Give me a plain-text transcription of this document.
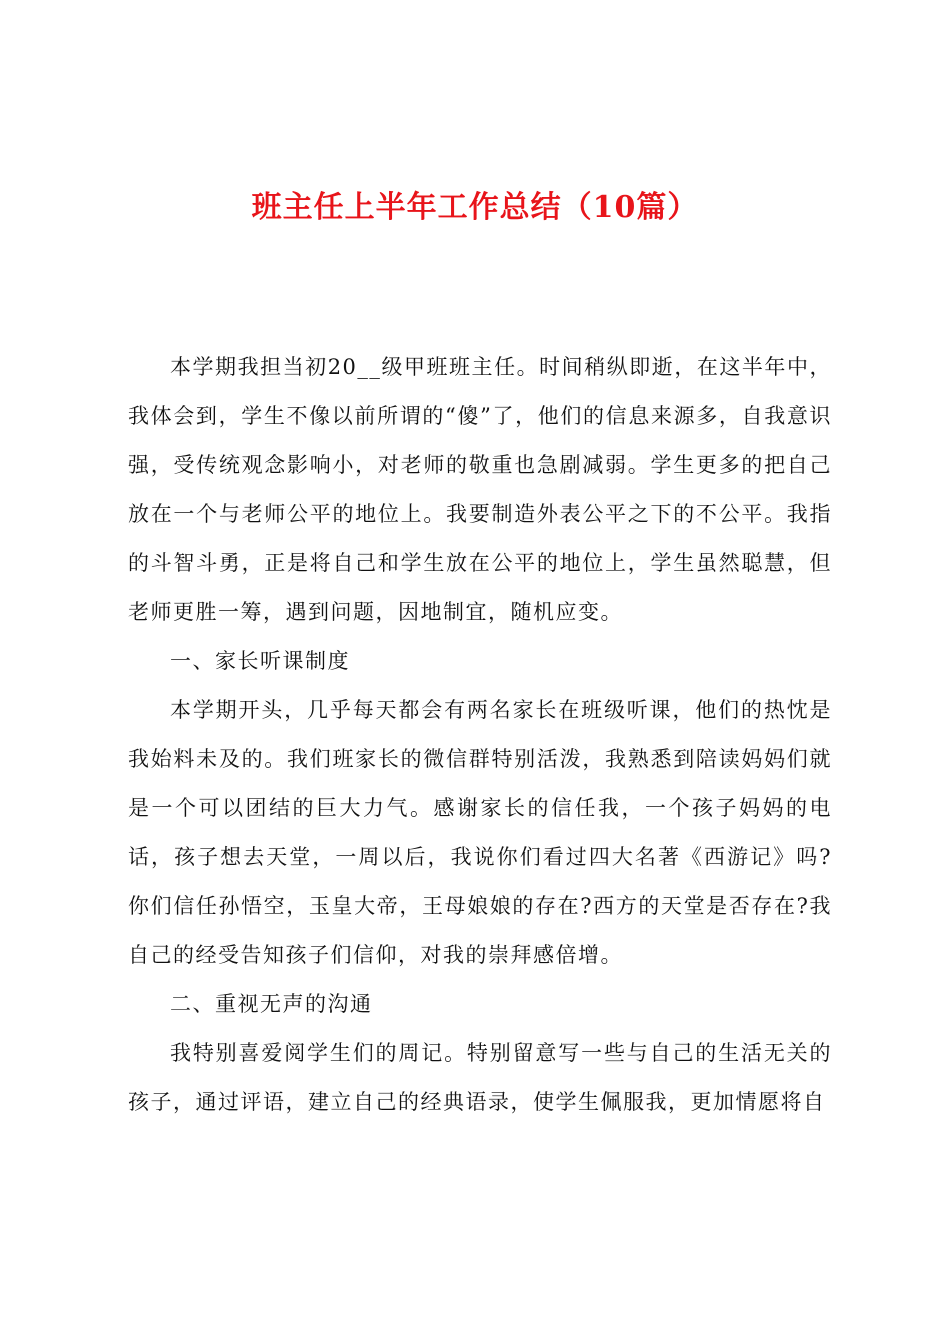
班主任上半年工作总结（10篇）

本学期我担当初20__级甲班班主任。时间稍纵即逝，在这半年中，我体会到，学生不像以前所谓的“傻”了，他们的信息来源多，自我意识强，受传统观念影响小，对老师的敬重也急剧减弱。学生更多的把自己放在一个与老师公平的地位上。我要制造外表公平之下的不公平。我指的斗智斗勇，正是将自己和学生放在公平的地位上，学生虽然聪慧，但老师更胜一筹，遇到问题，因地制宜，随机应变。

一、家长听课制度

本学期开头，几乎每天都会有两名家长在班级听课，他们的热忱是我始料未及的。我们班家长的微信群特别活泼，我熟悉到陪读妈妈们就是一个可以团结的巨大力气。感谢家长的信任我，一个孩子妈妈的电话，孩子想去天堂，一周以后，我说你们看过四大名著《西游记》吗?你们信任孙悟空，玉皇大帝，王母娘娘的存在?西方的天堂是否存在?我自己的经受告知孩子们信仰，对我的崇拜感倍增。

二、重视无声的沟通

我特别喜爱阅学生们的周记。特别留意写一些与自己的生活无关的孩子，通过评语，建立自己的经典语录，使学生佩服我，更加情愿将自
